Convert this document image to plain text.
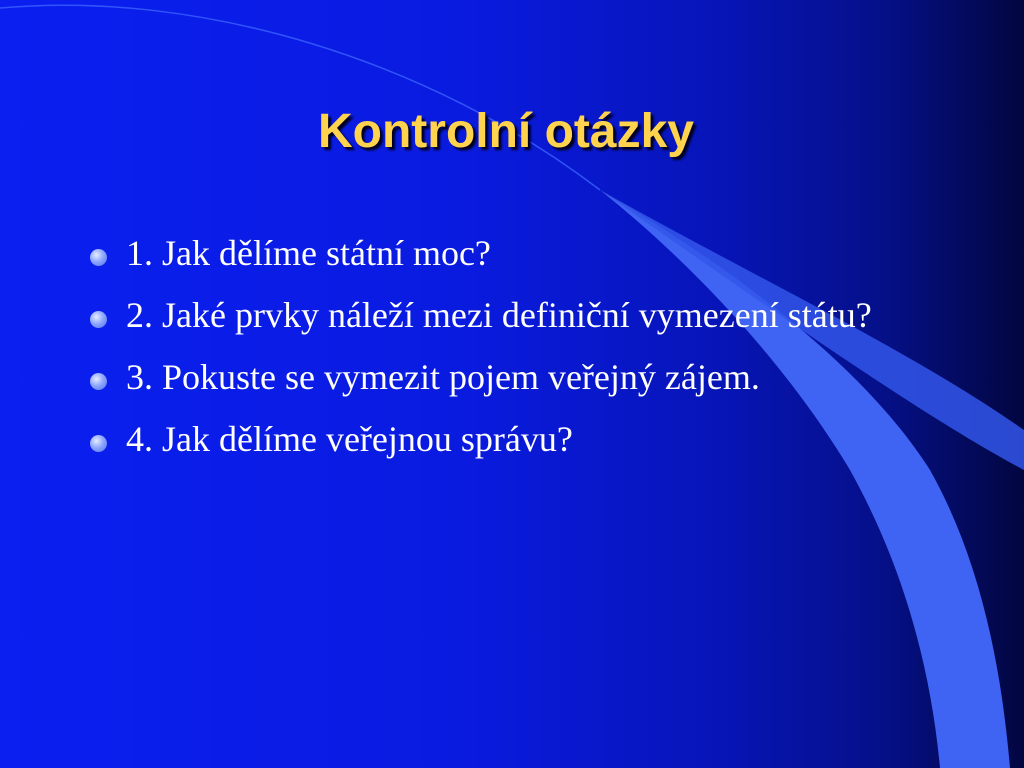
Kontrolní otázky
1. Jak dělíme státní moc?
2. Jaké prvky náleží mezi definiční vymezení státu?
3. Pokuste se vymezit pojem veřejný zájem.
4. Jak dělíme veřejnou správu?
